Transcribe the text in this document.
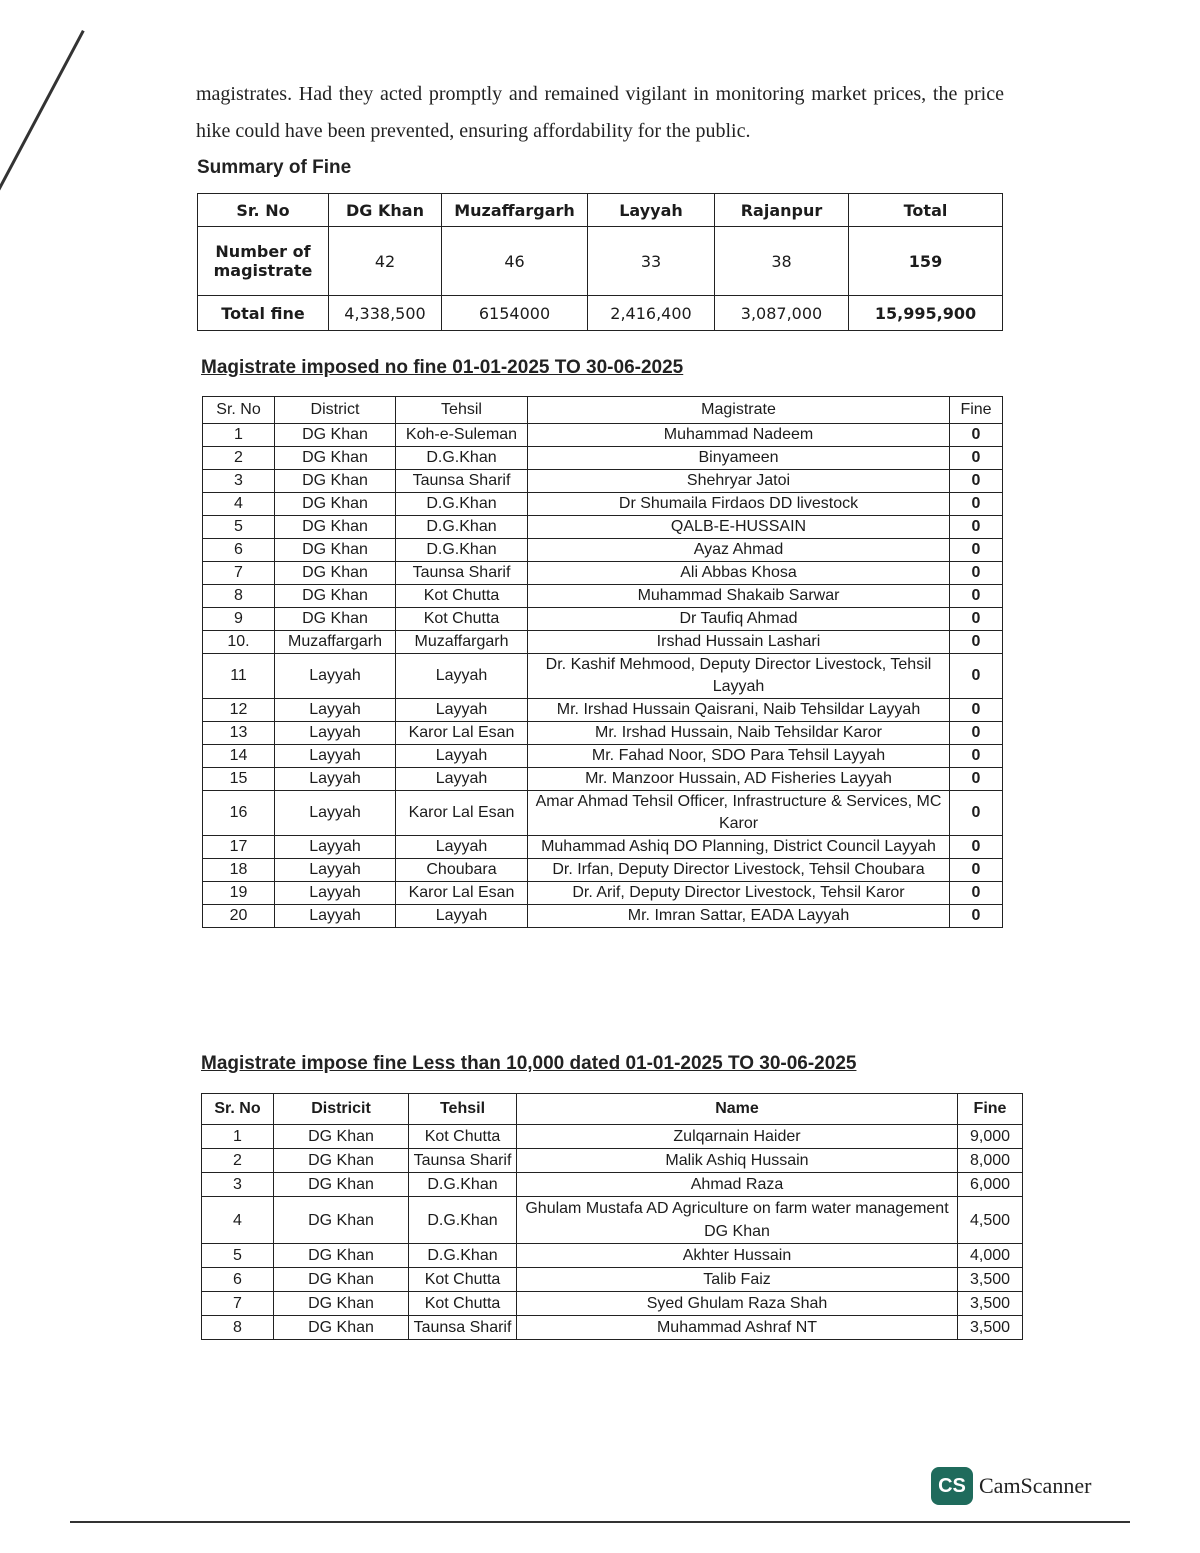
magistrates. Had they acted promptly and remained vigilant in monitoring market prices, the price hike could have been prevented, ensuring affordability for the public.
Summary of Fine
Sr. No	DG Khan	Muzaffargarh	Layyah	Rajanpur	Total
Number of magistrate	42	46	33	38	159
Total fine	4,338,500	6154000	2,416,400	3,087,000	15,995,900
Magistrate imposed no fine 01-01-2025 TO 30-06-2025
Sr. No	District	Tehsil	Magistrate	Fine
1	DG Khan	Koh-e-Suleman	Muhammad Nadeem	0
2	DG Khan	D.G.Khan	Binyameen	0
3	DG Khan	Taunsa Sharif	Shehryar Jatoi	0
4	DG Khan	D.G.Khan	Dr Shumaila Firdaos DD livestock	0
5	DG Khan	D.G.Khan	QALB-E-HUSSAIN	0
6	DG Khan	D.G.Khan	Ayaz Ahmad	0
7	DG Khan	Taunsa Sharif	Ali Abbas Khosa	0
8	DG Khan	Kot Chutta	Muhammad Shakaib Sarwar	0
9	DG Khan	Kot Chutta	Dr Taufiq Ahmad	0
10.	Muzaffargarh	Muzaffargarh	Irshad Hussain Lashari	0
11	Layyah	Layyah	Dr. Kashif Mehmood, Deputy Director Livestock, Tehsil Layyah	0
12	Layyah	Layyah	Mr. Irshad Hussain Qaisrani, Naib Tehsildar Layyah	0
13	Layyah	Karor Lal Esan	Mr. Irshad Hussain, Naib Tehsildar Karor	0
14	Layyah	Layyah	Mr. Fahad Noor, SDO Para Tehsil Layyah	0
15	Layyah	Layyah	Mr. Manzoor Hussain, AD Fisheries Layyah	0
16	Layyah	Karor Lal Esan	Amar Ahmad Tehsil Officer, Infrastructure & Services, MC Karor	0
17	Layyah	Layyah	Muhammad Ashiq DO Planning, District Council Layyah	0
18	Layyah	Choubara	Dr. Irfan, Deputy Director Livestock, Tehsil Choubara	0
19	Layyah	Karor Lal Esan	Dr. Arif, Deputy Director Livestock, Tehsil Karor	0
20	Layyah	Layyah	Mr. Imran Sattar, EADA Layyah	0
Magistrate impose fine Less than 10,000 dated 01-01-2025 TO 30-06-2025
Sr. No	Districit	Tehsil	Name	Fine
1	DG Khan	Kot Chutta	Zulqarnain Haider	9,000
2	DG Khan	Taunsa Sharif	Malik Ashiq Hussain	8,000
3	DG Khan	D.G.Khan	Ahmad Raza	6,000
4	DG Khan	D.G.Khan	Ghulam Mustafa AD Agriculture on farm water management DG Khan	4,500
5	DG Khan	D.G.Khan	Akhter Hussain	4,000
6	DG Khan	Kot Chutta	Talib Faiz	3,500
7	DG Khan	Kot Chutta	Syed Ghulam Raza Shah	3,500
8	DG Khan	Taunsa Sharif	Muhammad Ashraf NT	3,500
CS CamScanner
